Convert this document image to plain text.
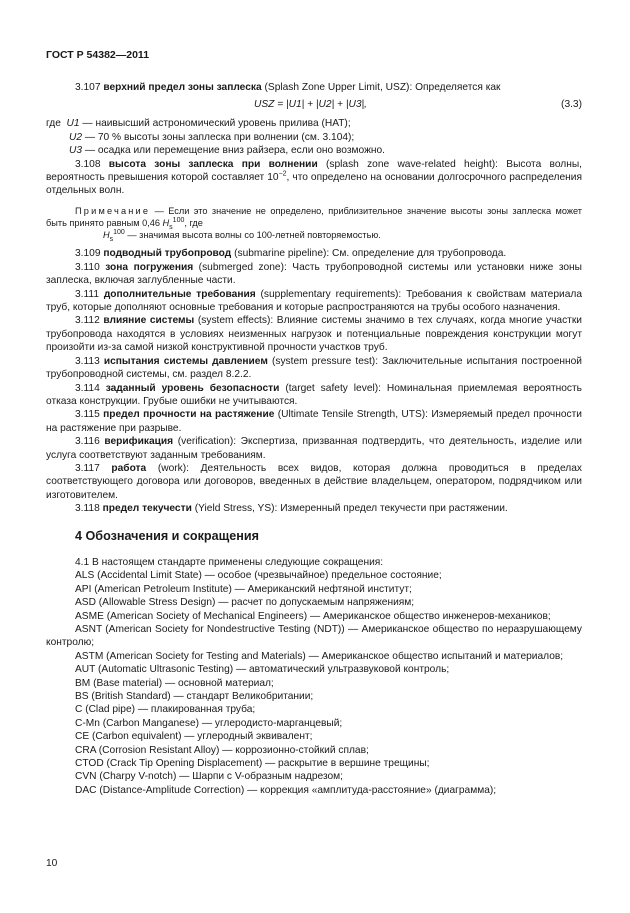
ГОСТ Р 54382—2011

3.107 верхний предел зоны заплеска (Splash Zone Upper Limit, USZ): Определяется как

USZ = |U1| + |U2| + |U3|,	(3.3)
где U1 — наивысший астрономический уровень прилива (НАТ);
U2 — 70 % высоты зоны заплеска при волнении (см. 3.104);
U3 — осадка или перемещение вниз райзера, если оно возможно.

3.108 высота зоны заплеска при волнении (splash zone wave-related height): Высота волны, вероятность превышения которой составляет $10^{-2}$, что определено на основании долгосрочного распределения отдельных волн.

Примечание — Если это значение не определено, приблизительное значение высоты зоны заплеска может быть принято равным 0,46 $H_s^{100}$, где

$H_s^{100}$ — значимая высота волны со 100-летней повторяемостью.

3.109 подводный трубопровод (submarine pipeline): См. определение для трубопровода.

3.110 зона погружения (submerged zone): Часть трубопроводной системы или установки ниже зоны заплеска, включая заглубленные части.

3.111 дополнительные требования (supplementary requirements): Требования к свойствам материала труб, которые дополняют основные требования и которые распространяются на трубы особого назначения.

3.112 влияние системы (system effects): Влияние системы значимо в тех случаях, когда многие участки трубопровода находятся в условиях неизменных нагрузок и потенциальные повреждения конструкции могут произойти из-за самой низкой конструктивной прочности участков труб.

3.113 испытания системы давлением (system pressure test): Заключительные испытания построенной трубопроводной системы, см. раздел 8.2.2.

3.114 заданный уровень безопасности (target safety level): Номинальная приемлемая вероятность отказа конструкции. Грубые ошибки не учитываются.

3.115 предел прочности на растяжение (Ultimate Tensile Strength, UTS): Измеряемый предел прочности на растяжение при разрыве.

3.116 верификация (verification): Экспертиза, призванная подтвердить, что деятельность, изделие или услуга соответствуют заданным требованиям.

3.117 работа (work): Деятельность всех видов, которая должна проводиться в пределах соответствующего договора или договоров, введенных в действие владельцем, оператором, подрядчиком или изготовителем.

3.118 предел текучести (Yield Stress, YS): Измеренный предел текучести при растяжении.

4 Обозначения и сокращения
4.1 В настоящем стандарте применены следующие сокращения:
ALS (Accidental Limit State) — особое (чрезвычайное) предельное состояние;
API (American Petroleum Institute) — Американский нефтяной институт;
ASD (Allowable Stress Design) — расчет по допускаемым напряжениям;
ASME (American Society of Mechanical Engineers) — Американское общество инженеров-механиков;
ASNT (American Society for Nondestructive Testing (NDT)) — Американское общество по неразрушающему контролю;
ASTM (American Society for Testing and Materials) — Американское общество испытаний и материалов;
AUT (Automatic Ultrasonic Testing) — автоматический ультразвуковой контроль;
BM (Base material) — основной материал;
BS (British Standard) — стандарт Великобритании;
C (Clad pipe) — плакированная труба;
C-Mn (Carbon Manganese) — углеродисто-марганцевый;
CE (Carbon equivalent) — углеродный эквивалент;
CRA (Corrosion Resistant Alloy) — коррозионно-стойкий сплав;
CTOD (Crack Tip Opening Displacement) — раскрытие в вершине трещины;
CVN (Charpy V-notch) — Шарпи с V-образным надрезом;
DAC (Distance-Amplitude Correction) — коррекция «амплитуда-расстояние» (диаграмма);
10
